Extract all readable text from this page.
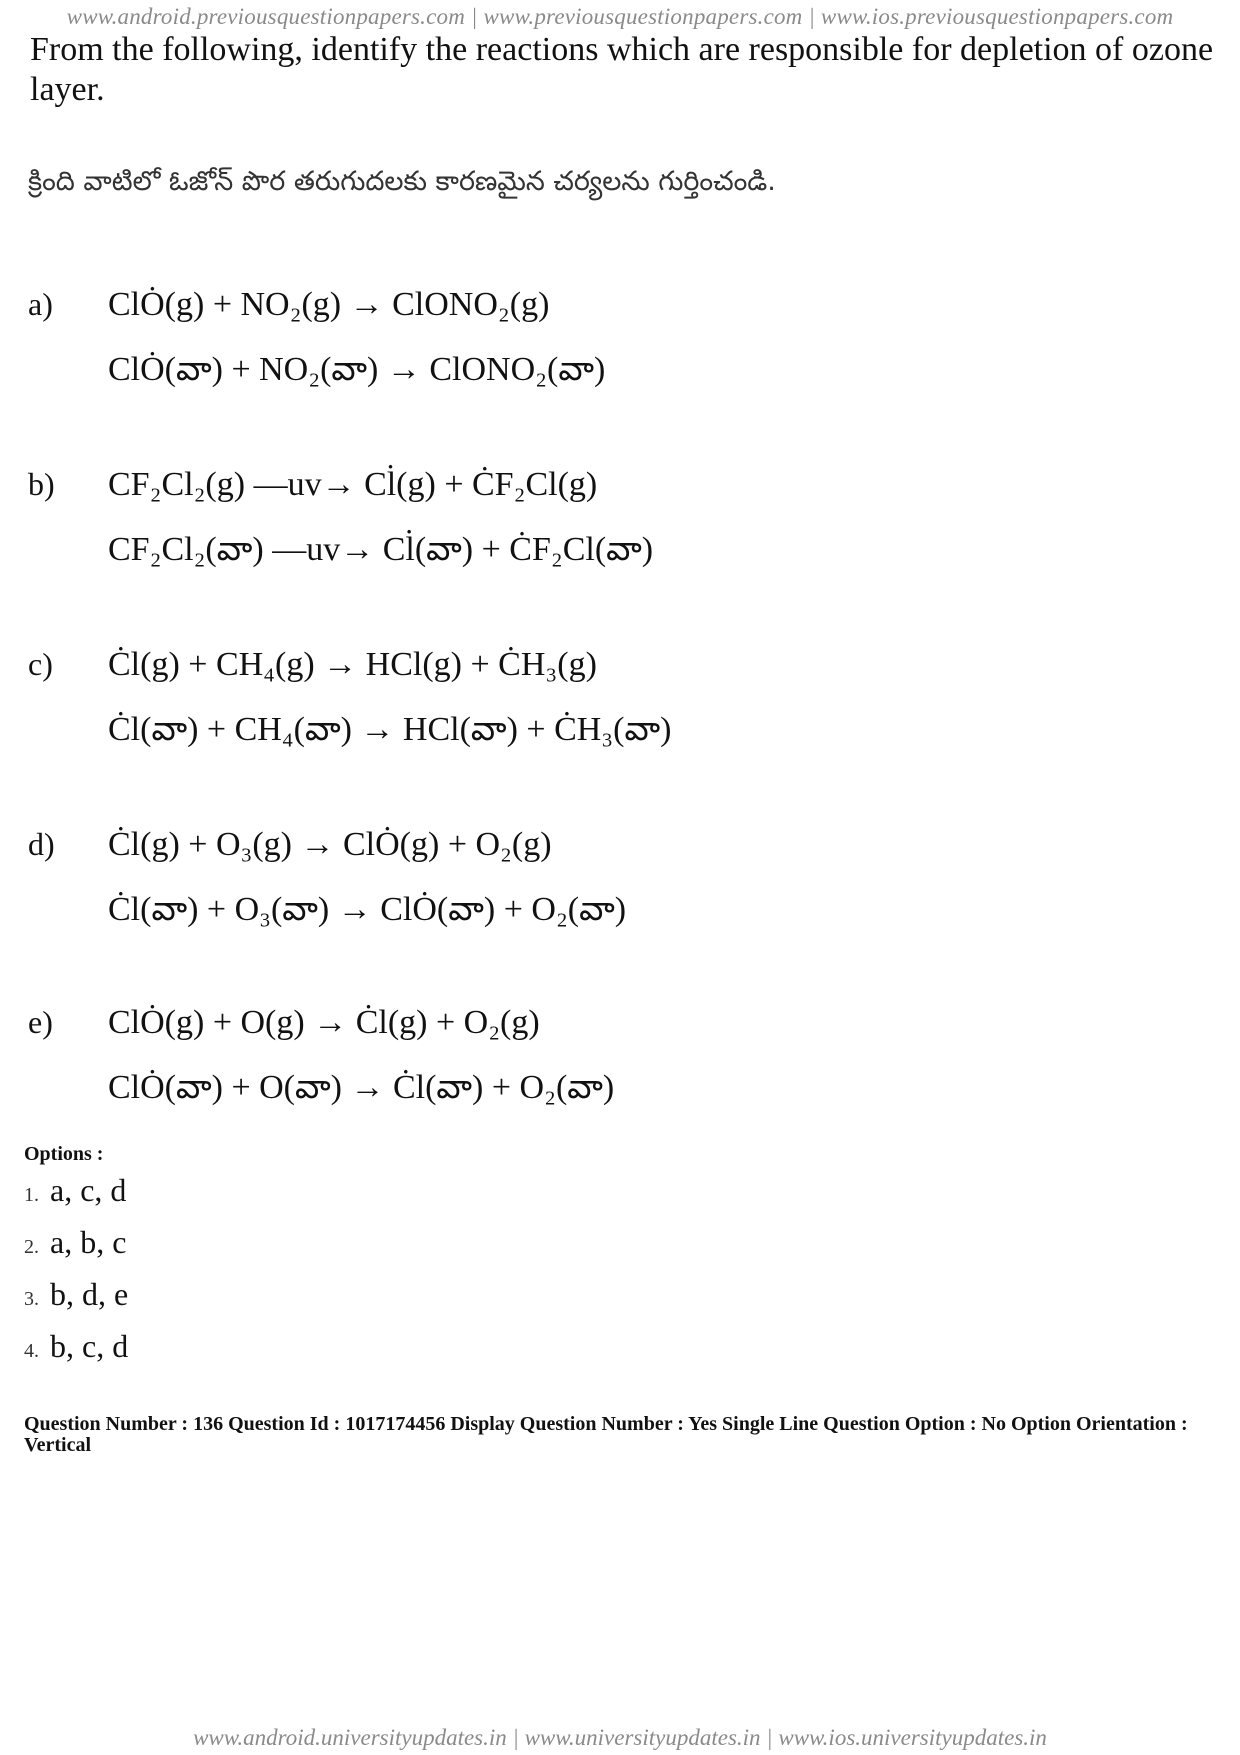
www.android.previousquestionpapers.com | www.previousquestionpapers.com | www.ios.previousquestionpapers.com
From the following, identify the reactions which are responsible for depletion of ozone layer.
క్రింది వాటిలో ఓజోన్ పొర తరుగుదలకు కారణమైన చర్యలను గుర్తించండి.
a) ClȮ(g) + NO₂(g) → ClONO₂(g)
ClȮ(వా) + NO₂(వా) → ClONO₂(వా)
b) CF₂Cl₂(g) —uv→ Cl̇(g) + ĊF₂Cl(g)
CF₂Cl₂(వా) —uv→ Cl̇(వా) + ĊF₂Cl(వా)
c) Ċl(g) + CH₄(g) → HCl(g) + ĊH₃(g)
Ċl(వా) + CH₄(వా) → HCl(వా) + ĊH₃(వా)
d) Ċl(g) + O₃(g) → ClȮ(g) + O₂(g)
Ċl(వా) + O₃(వా) → ClȮ(వా) + O₂(వా)
e) ClȮ(g) + O(g) → Ċl(g) + O₂(g)
ClȮ(వా) + O(వా) → Ċl(వా) + O₂(వా)
Options :
1. a, c, d
2. a, b, c
3. b, d, e
4. b, c, d
Question Number : 136 Question Id : 1017174456 Display Question Number : Yes Single Line Question Option : No Option Orientation : Vertical
www.android.universityupdates.in | www.universityupdates.in | www.ios.universityupdates.in
